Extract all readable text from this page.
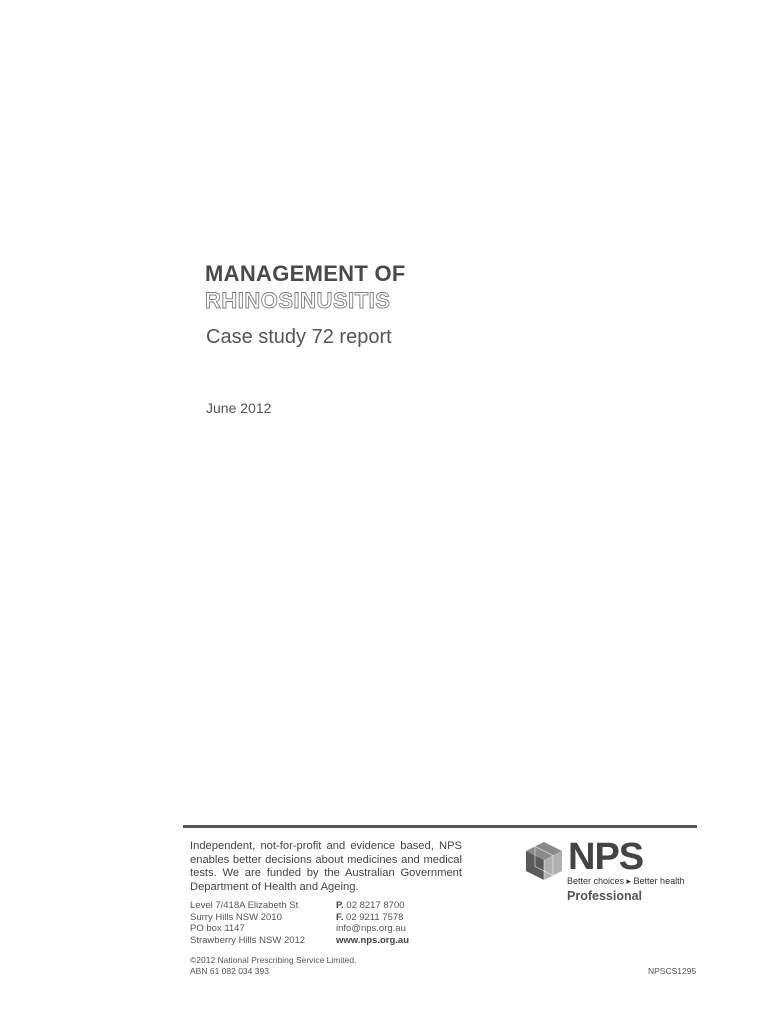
MANAGEMENT OF
RHINOSINUSITIS
Case study 72 report
June 2012
Independent, not-for-profit and evidence based, NPS enables better decisions about medicines and medical tests. We are funded by the Australian Government Department of Health and Ageing.
Level 7/418A Elizabeth St
Surry Hills NSW 2010
PO box 1147
Strawberry Hills NSW 2012
P. 02 8217 8700
F. 02 9211 7578
info@nps.org.au
www.nps.org.au
©2012 National Prescribing Service Limited.
ABN 61 082 034 393	NPSCS1295
NPS
Better choices ▸ Better health
Professional
